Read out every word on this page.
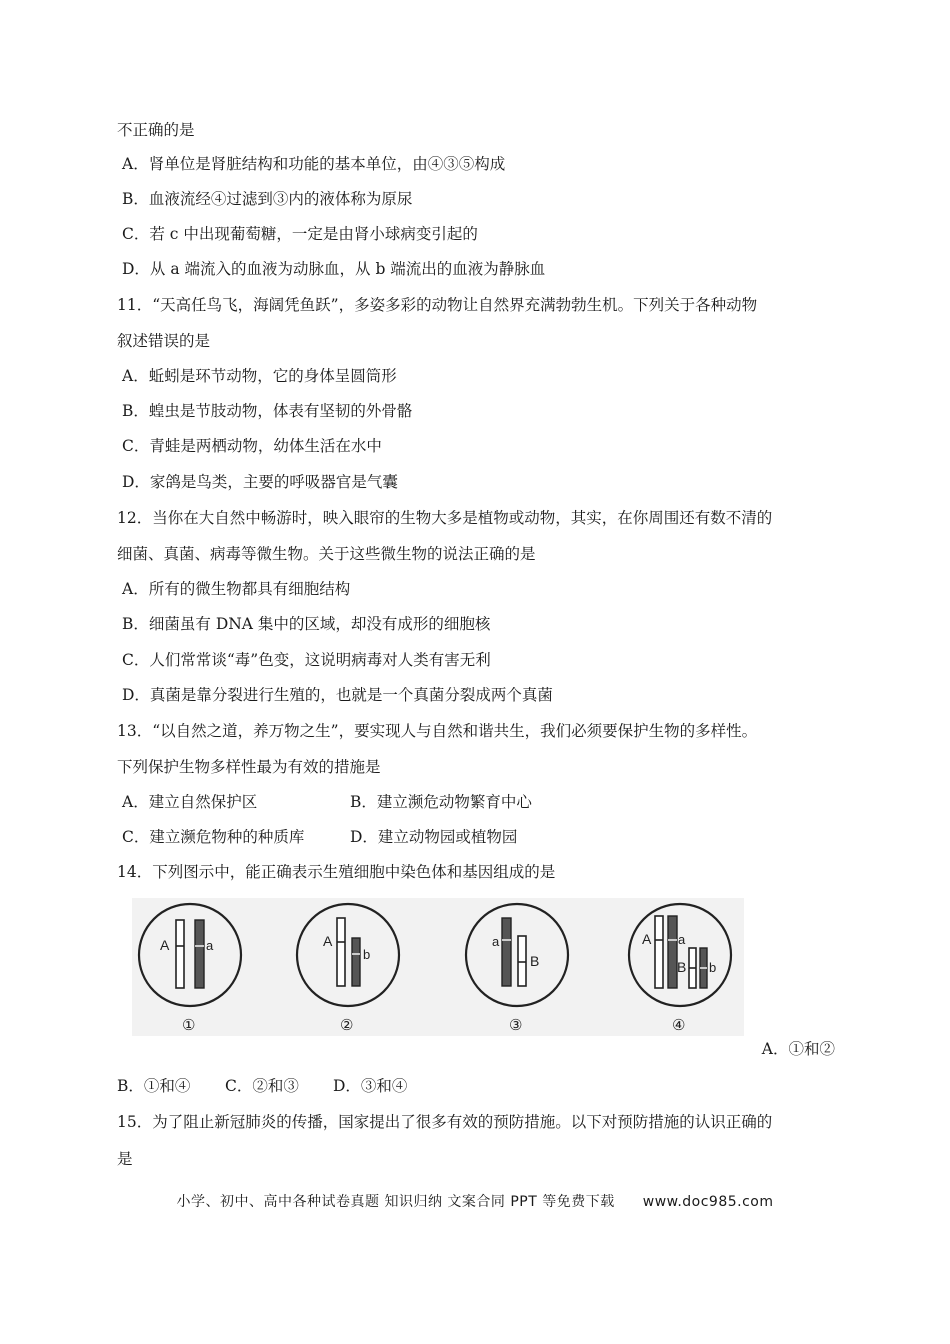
不正确的是
A．肾单位是肾脏结构和功能的基本单位，由④③⑤构成
B．血液流经④过滤到③内的液体称为原尿
C．若 c 中出现葡萄糖，一定是由肾小球病变引起的
D．从 a 端流入的血液为动脉血，从 b 端流出的血液为静脉血
11．“天高任鸟飞，海阔凭鱼跃”，多姿多彩的动物让自然界充满勃勃生机。下列关于各种动物
叙述错误的是
A．蚯蚓是环节动物，它的身体呈圆筒形
B．蝗虫是节肢动物，体表有坚韧的外骨骼
C．青蛙是两栖动物，幼体生活在水中
D．家鸽是鸟类，主要的呼吸器官是气囊
12．当你在大自然中畅游时，映入眼帘的生物大多是植物或动物，其实，在你周围还有数不清的
细菌、真菌、病毒等微生物。关于这些微生物的说法正确的是
A．所有的微生物都具有细胞结构
B．细菌虽有 DNA 集中的区域，却没有成形的细胞核
C．人们常常谈“毒”色变，这说明病毒对人类有害无利
D．真菌是靠分裂进行生殖的，也就是一个真菌分裂成两个真菌
13．“以自然之道，养万物之生”，要实现人与自然和谐共生，我们必须要保护生物的多样性。
下列保护生物多样性最为有效的措施是
A．建立自然保护区	B．建立濒危动物繁育中心
C．建立濒危物种的种质库	D．建立动物园或植物园
14．下列图示中，能正确表示生殖细胞中染色体和基因组成的是
A	a
①
A
b
②
a
B
③
A a
B b
④
A．①和②
B．①和④ C．②和③ D．③和④
15．为了阻止新冠肺炎的传播，国家提出了很多有效的预防措施。以下对预防措施的认识正确的
是
小学、初中、高中各种试卷真题 知识归纳 文案合同 PPT 等免费下载 www.doc985.com
